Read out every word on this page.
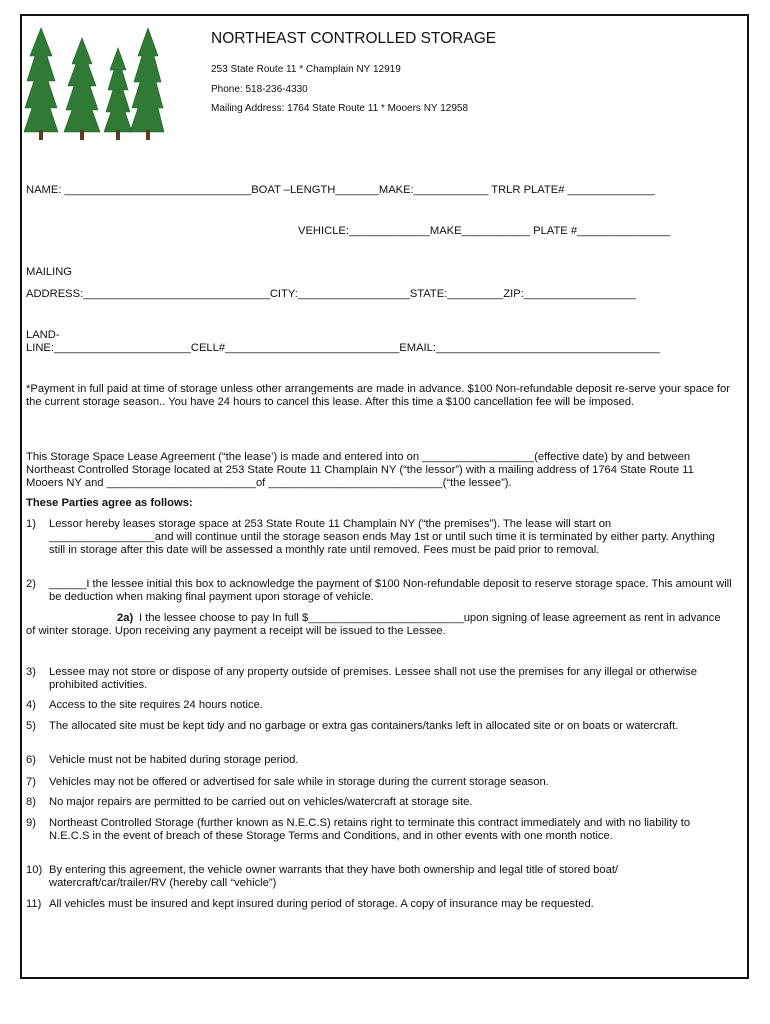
NORTHEAST CONTROLLED STORAGE
253 State Route 11 * Champlain NY 12919
Phone: 518-236-4330
Mailing Address: 1764 State Route 11 * Mooers NY 12958
NAME: ______________________________BOAT –LENGTH_______MAKE:____________ TRLR PLATE# ______________
VEHICLE:_____________MAKE___________ PLATE #_______________
MAILING
ADDRESS:______________________________CITY:__________________STATE:_________ZIP:__________________
LAND-
LINE:______________________CELL#____________________________EMAIL:____________________________________
*Payment in full paid at time of storage unless other arrangements are made in advance. $100 Non-refundable deposit re-serve your space for the current storage season.. You have 24 hours to cancel this lease. After this time a $100 cancellation fee will be imposed.
This Storage Space Lease Agreement (“the lease’) is made and entered into on __________________(effective date) by and between Northeast Controlled Storage located at 253 State Route 11 Champlain NY (“the lessor”) with a mailing address of 1764 State Route 11 Mooers NY and ________________________of ____________________________(“the lessee”).
These Parties agree as follows:
1) Lessor hereby leases storage space at 253 State Route 11 Champlain NY (“the premises”). The lease will start on _________________and will continue until the storage season ends May 1st or until such time it is terminated by either party. Anything still in storage after this date will be assessed a monthly rate until removed. Fees must be paid prior to removal.
2) ______I the lessee initial this box to acknowledge the payment of $100 Non-refundable deposit to reserve storage space. This amount will be deduction when making final payment upon storage of vehicle.
2a) I the lessee choose to pay In full $_________________________upon signing of lease agreement as rent in advance of winter storage. Upon receiving any payment a receipt will be issued to the Lessee.
3) Lessee may not store or dispose of any property outside of premises. Lessee shall not use the premises for any illegal or otherwise prohibited activities.
4) Access to the site requires 24 hours notice.
5) The allocated site must be kept tidy and no garbage or extra gas containers/tanks left in allocated site or on boats or watercraft.
6) Vehicle must not be habited during storage period.
7) Vehicles may not be offered or advertised for sale while in storage during the current storage season.
8) No major repairs are permitted to be carried out on vehicles/watercraft at storage site.
9) Northeast Controlled Storage (further known as N.E.C.S) retains right to terminate this contract immediately and with no liability to N.E.C.S in the event of breach of these Storage Terms and Conditions, and in other events with one month notice.
10) By entering this agreement, the vehicle owner warrants that they have both ownership and legal title of stored boat/ watercraft/car/trailer/RV (hereby call “vehicle”)
11) All vehicles must be insured and kept insured during period of storage. A copy of insurance may be requested.
